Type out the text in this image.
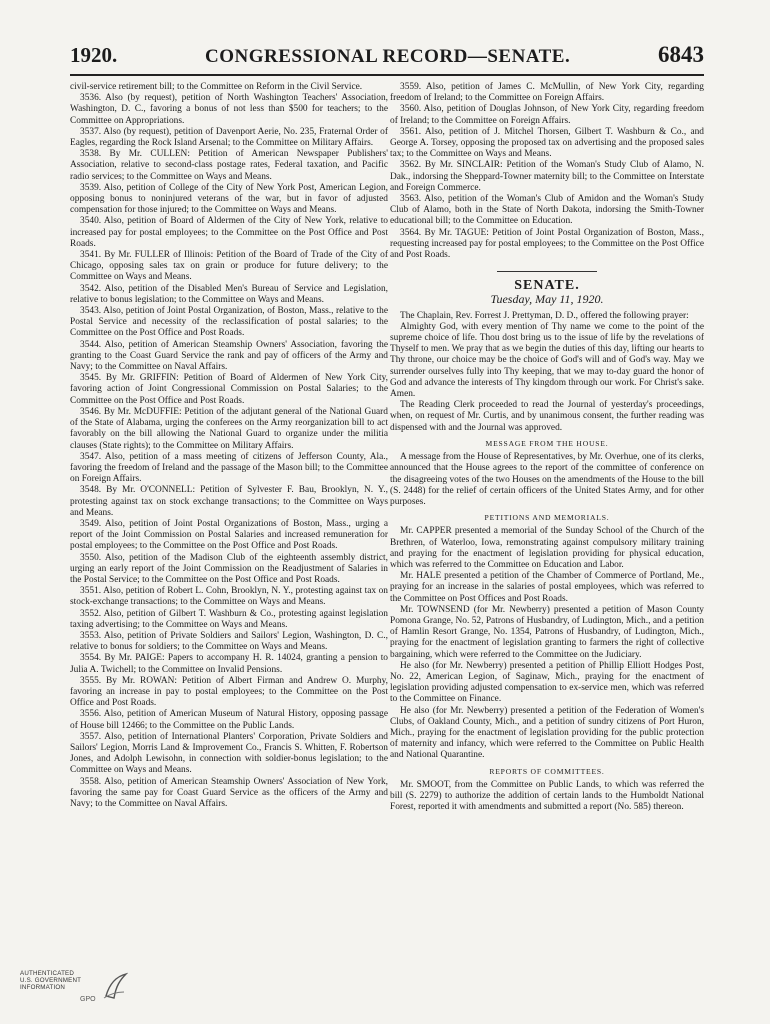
1920.	CONGRESSIONAL RECORD—SENATE.	6843

civil-service retirement bill; to the Committee on Reform in the Civil Service.

3536. Also (by request), petition of North Washington Teachers' Association, Washington, D. C., favoring a bonus of not less than $500 for teachers; to the Committee on Appropriations.

3537. Also (by request), petition of Davenport Aerie, No. 235, Fraternal Order of Eagles, regarding the Rock Island Arsenal; to the Committee on Military Affairs.

3538. By Mr. CULLEN: Petition of American Newspaper Publishers' Association, relative to second-class postage rates, Federal taxation, and Pacific radio services; to the Committee on Ways and Means.

3539. Also, petition of College of the City of New York Post, American Legion, opposing bonus to noninjured veterans of the war, but in favor of adjusted compensation for those injured; to the Committee on Ways and Means.

3540. Also, petition of Board of Aldermen of the City of New York, relative to increased pay for postal employees; to the Committee on the Post Office and Post Roads.

3541. By Mr. FULLER of Illinois: Petition of the Board of Trade of the City of Chicago, opposing sales tax on grain or produce for future delivery; to the Committee on Ways and Means.

3542. Also, petition of the Disabled Men's Bureau of Service and Legislation, relative to bonus legislation; to the Committee on Ways and Means.

3543. Also, petition of Joint Postal Organization, of Boston, Mass., relative to the Postal Service and necessity of the reclassification of postal salaries; to the Committee on the Post Office and Post Roads.

3544. Also, petition of American Steamship Owners' Association, favoring the granting to the Coast Guard Service the rank and pay of officers of the Army and Navy; to the Committee on Naval Affairs.

3545. By Mr. GRIFFIN: Petition of Board of Aldermen of New York City, favoring action of Joint Congressional Commission on Postal Salaries; to the Committee on the Post Office and Post Roads.

3546. By Mr. McDUFFIE: Petition of the adjutant general of the National Guard of the State of Alabama, urging the conferees on the Army reorganization bill to act favorably on the bill allowing the National Guard to organize under the militia clauses (State rights); to the Committee on Military Affairs.

3547. Also, petition of a mass meeting of citizens of Jefferson County, Ala., favoring the freedom of Ireland and the passage of the Mason bill; to the Committee on Foreign Affairs.

3548. By Mr. O'CONNELL: Petition of Sylvester F. Bau, Brooklyn, N. Y., protesting against tax on stock exchange transactions; to the Committee on Ways and Means.

3549. Also, petition of Joint Postal Organizations of Boston, Mass., urging a report of the Joint Commission on Postal Salaries and increased remuneration for postal employees; to the Committee on the Post Office and Post Roads.

3550. Also, petition of the Madison Club of the eighteenth assembly district, urging an early report of the Joint Commission on the Readjustment of Salaries in the Postal Service; to the Committee on the Post Office and Post Roads.

3551. Also, petition of Robert L. Cohn, Brooklyn, N. Y., protesting against tax on stock-exchange transactions; to the Committee on Ways and Means.

3552. Also, petition of Gilbert T. Washburn & Co., protesting against legislation taxing advertising; to the Committee on Ways and Means.

3553. Also, petition of Private Soldiers and Sailors' Legion, Washington, D. C., relative to bonus for soldiers; to the Committee on Ways and Means.

3554. By Mr. PAIGE: Papers to accompany H. R. 14024, granting a pension to Julia A. Twichell; to the Committee on Invalid Pensions.

3555. By Mr. ROWAN: Petition of Albert Firman and Andrew O. Murphy, favoring an increase in pay to postal employees; to the Committee on the Post Office and Post Roads.

3556. Also, petition of American Museum of Natural History, opposing passage of House bill 12466; to the Committee on the Public Lands.

3557. Also, petition of International Planters' Corporation, Private Soldiers and Sailors' Legion, Morris Land & Improvement Co., Francis S. Whitten, F. Robertson Jones, and Adolph Lewisohn, in connection with soldier-bonus legislation; to the Committee on Ways and Means.

3558. Also, petition of American Steamship Owners' Association of New York, favoring the same pay for Coast Guard Service as the officers of the Army and Navy; to the Committee on Naval Affairs.

3559. Also, petition of James C. McMullin, of New York City, regarding freedom of Ireland; to the Committee on Foreign Affairs.

3560. Also, petition of Douglas Johnson, of New York City, regarding freedom of Ireland; to the Committee on Foreign Affairs.

3561. Also, petition of J. Mitchel Thorsen, Gilbert T. Washburn & Co., and George A. Torsey, opposing the proposed tax on advertising and the proposed sales tax; to the Committee on Ways and Means.

3562. By Mr. SINCLAIR: Petition of the Woman's Study Club of Alamo, N. Dak., indorsing the Sheppard-Towner maternity bill; to the Committee on Interstate and Foreign Commerce.

3563. Also, petition of the Woman's Club of Amidon and the Woman's Study Club of Alamo, both in the State of North Dakota, indorsing the Smith-Towner educational bill; to the Committee on Education.

3564. By Mr. TAGUE: Petition of Joint Postal Organization of Boston, Mass., requesting increased pay for postal employees; to the Committee on the Post Office and Post Roads.

SENATE.
Tuesday, May 11, 1920.

The Chaplain, Rev. Forrest J. Prettyman, D. D., offered the following prayer:

Almighty God, with every mention of Thy name we come to the point of the supreme choice of life. Thou dost bring us to the issue of life by the revelations of Thyself to men. We pray that as we begin the duties of this day, lifting our hearts to Thy throne, our choice may be the choice of God's will and of God's way. May we surrender ourselves fully into Thy keeping, that we may to-day guard the honor of God and advance the interests of Thy kingdom through our work. For Christ's sake. Amen.

The Reading Clerk proceeded to read the Journal of yesterday's proceedings, when, on request of Mr. Curtis, and by unanimous consent, the further reading was dispensed with and the Journal was approved.

MESSAGE FROM THE HOUSE.

A message from the House of Representatives, by Mr. Overhue, one of its clerks, announced that the House agrees to the report of the committee of conference on the disagreeing votes of the two Houses on the amendments of the House to the bill (S. 2448) for the relief of certain officers of the United States Army, and for other purposes.

PETITIONS AND MEMORIALS.

Mr. CAPPER presented a memorial of the Sunday School of the Church of the Brethren, of Waterloo, Iowa, remonstrating against compulsory military training and praying for the enactment of legislation providing for physical education, which was referred to the Committee on Education and Labor.

Mr. HALE presented a petition of the Chamber of Commerce of Portland, Me., praying for an increase in the salaries of postal employees, which was referred to the Committee on Post Offices and Post Roads.

Mr. TOWNSEND (for Mr. Newberry) presented a petition of Mason County Pomona Grange, No. 52, Patrons of Husbandry, of Ludington, Mich., and a petition of Hamlin Resort Grange, No. 1354, Patrons of Husbandry, of Ludington, Mich., praying for the enactment of legislation granting to farmers the right of collective bargaining, which were referred to the Committee on the Judiciary.

He also (for Mr. Newberry) presented a petition of Phillip Elliott Hodges Post, No. 22, American Legion, of Saginaw, Mich., praying for the enactment of legislation providing adjusted compensation to ex-service men, which was referred to the Committee on Finance.

He also (for Mr. Newberry) presented a petition of the Federation of Women's Clubs, of Oakland County, Mich., and a petition of sundry citizens of Port Huron, Mich., praying for the enactment of legislation providing for the public protection of maternity and infancy, which were referred to the Committee on Public Health and National Quarantine.

REPORTS OF COMMITTEES.

Mr. SMOOT, from the Committee on Public Lands, to which was referred the bill (S. 2279) to authorize the addition of certain lands to the Humboldt National Forest, reported it with amendments and submitted a report (No. 585) thereon.

AUTHENTICATED
U.S. GOVERNMENT
INFORMATION
GPO
